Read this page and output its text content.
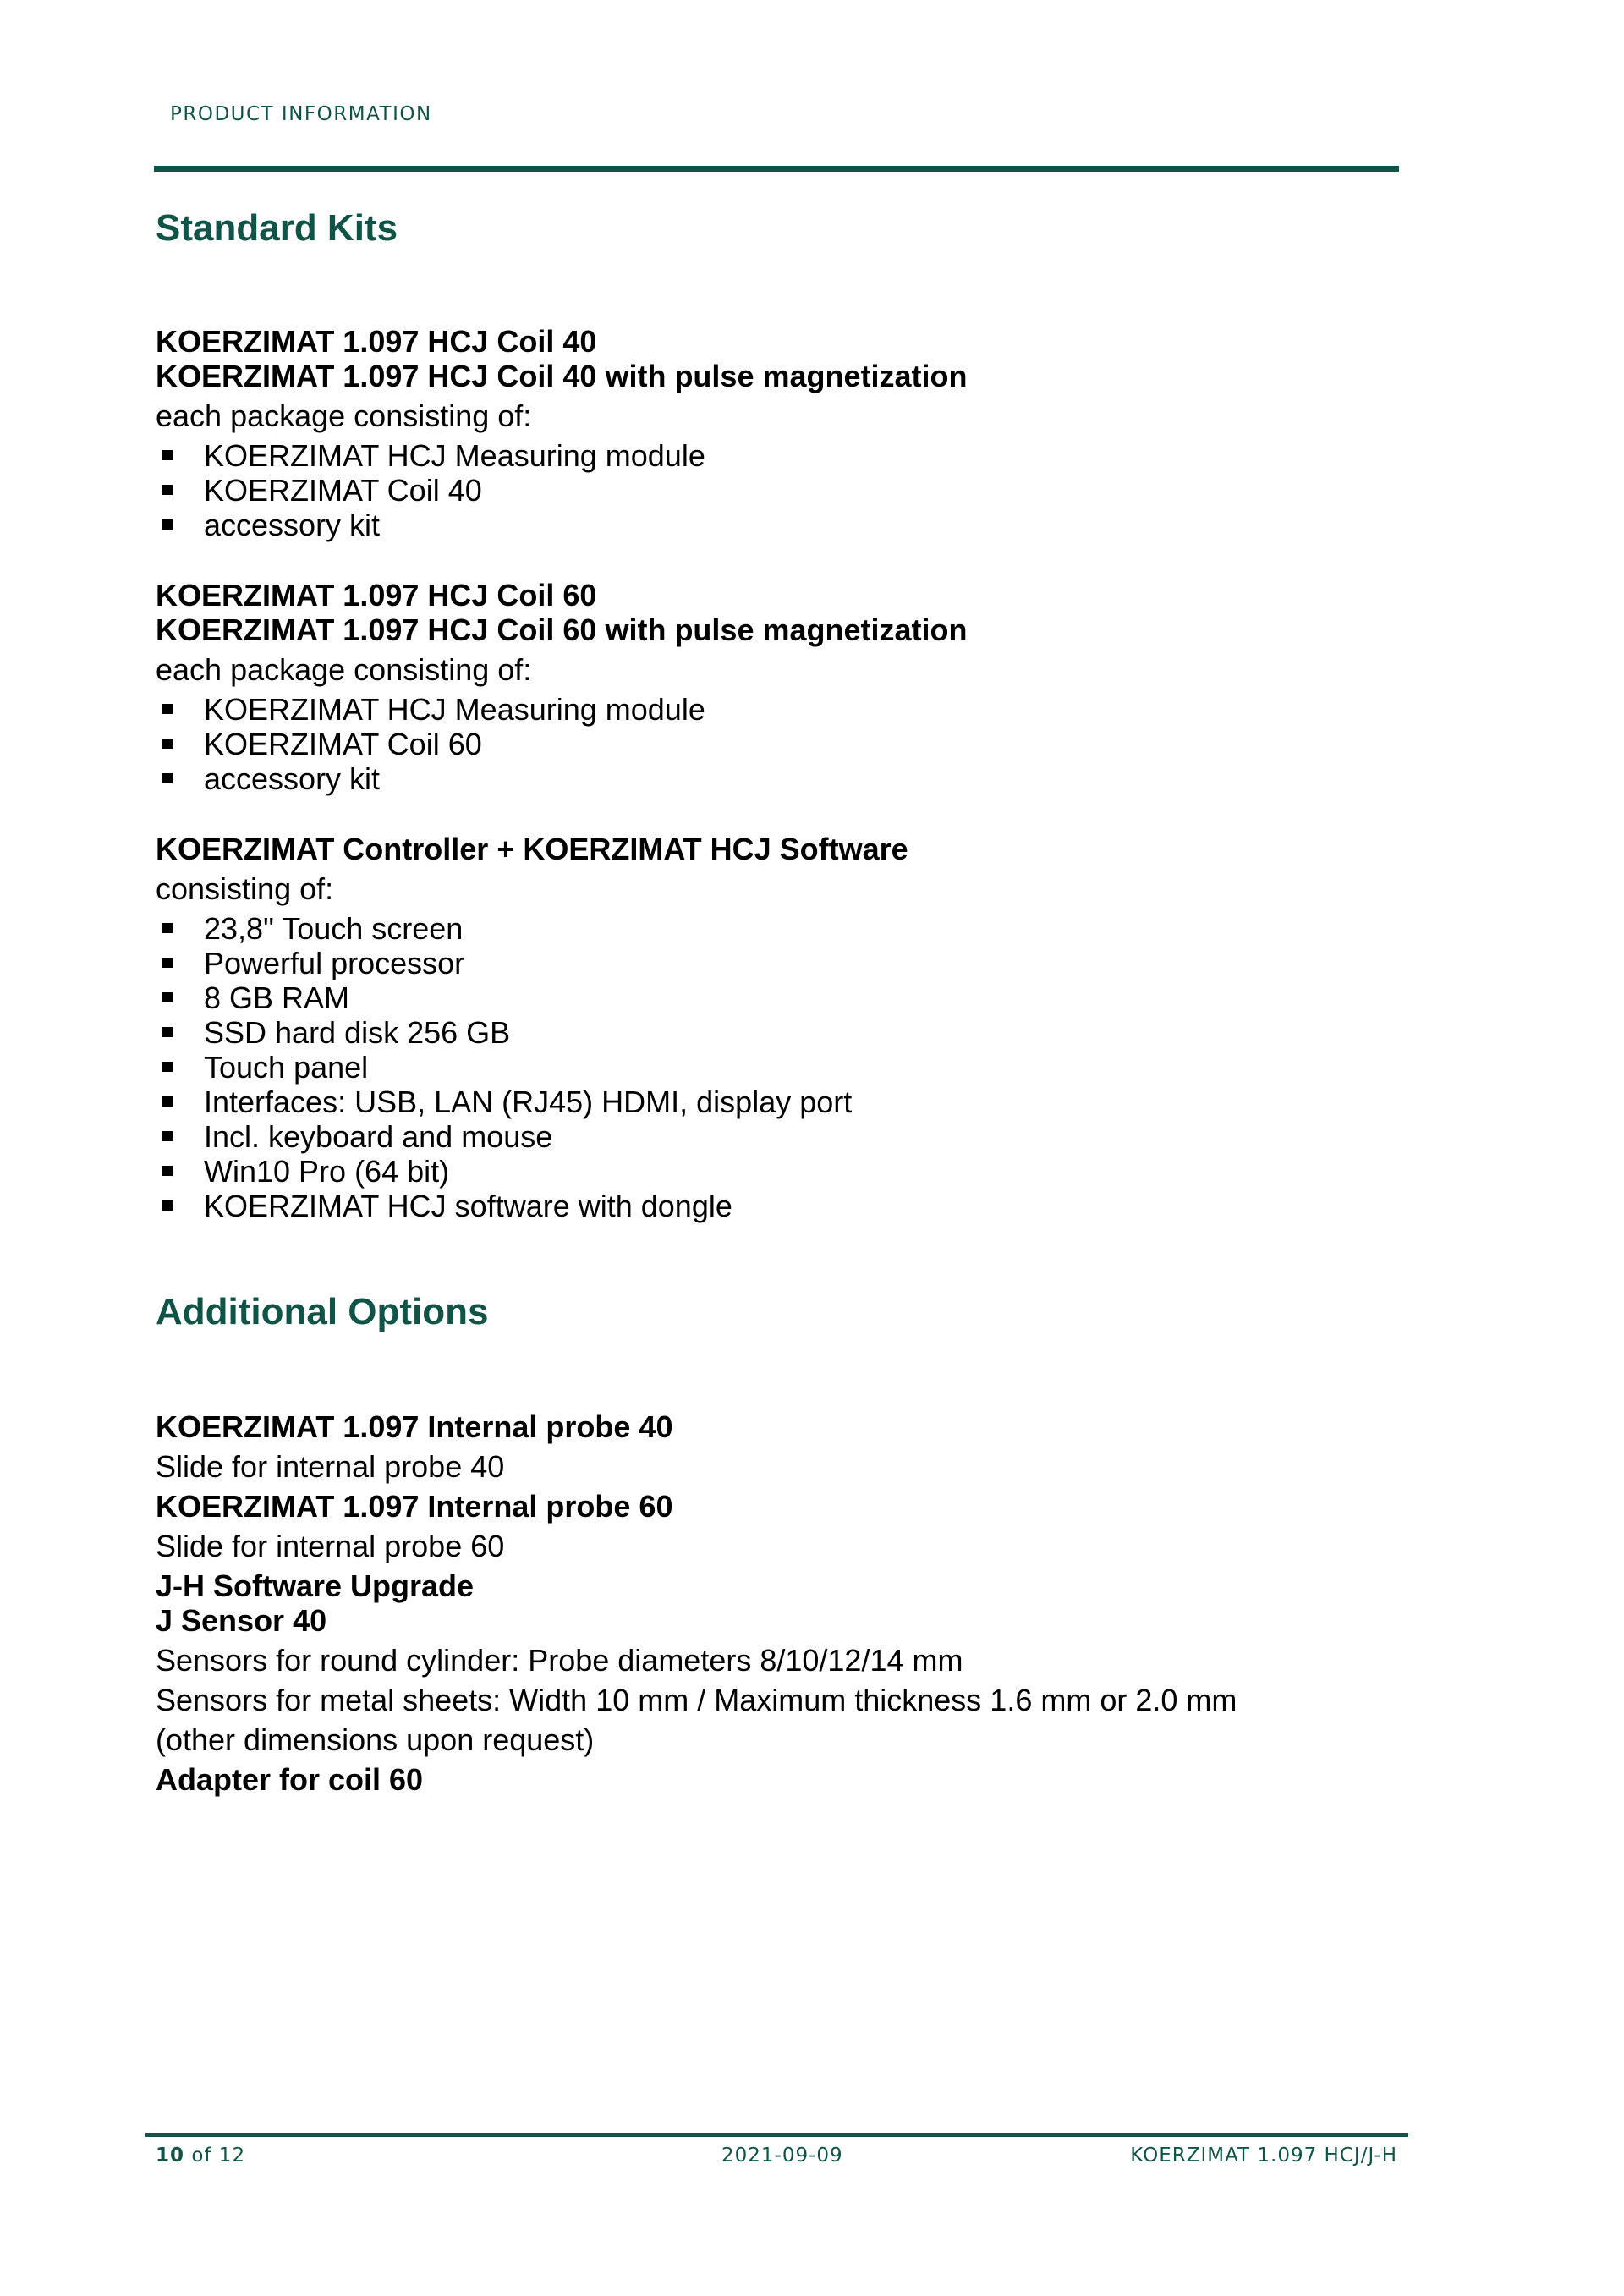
PRODUCT INFORMATION
Standard Kits

KOERZIMAT 1.097 HCJ Coil 40

KOERZIMAT 1.097 HCJ Coil 40 with pulse magnetization

each package consisting of:

KOERZIMAT HCJ Measuring module
KOERZIMAT Coil 40
accessory kit

KOERZIMAT 1.097 HCJ Coil 60

KOERZIMAT 1.097 HCJ Coil 60 with pulse magnetization

each package consisting of:

KOERZIMAT HCJ Measuring module
KOERZIMAT Coil 60
accessory kit

KOERZIMAT Controller + KOERZIMAT HCJ Software

consisting of:

23,8" Touch screen
Powerful processor
8 GB RAM
SSD hard disk 256 GB
Touch panel
Interfaces: USB, LAN (RJ45) HDMI, display port
Incl. keyboard and mouse
Win10 Pro (64 bit)
KOERZIMAT HCJ software with dongle
Additional Options

KOERZIMAT 1.097 Internal probe 40

Slide for internal probe 40

KOERZIMAT 1.097 Internal probe 60

Slide for internal probe 60

J-H Software Upgrade

J Sensor 40

Sensors for round cylinder: Probe diameters 8/10/12/14 mm

Sensors for metal sheets: Width 10 mm / Maximum thickness 1.6 mm or 2.0 mm

(other dimensions upon request)

Adapter for coil 60

10 of 12	2021-09-09	KOERZIMAT 1.097 HCJ/J-H
